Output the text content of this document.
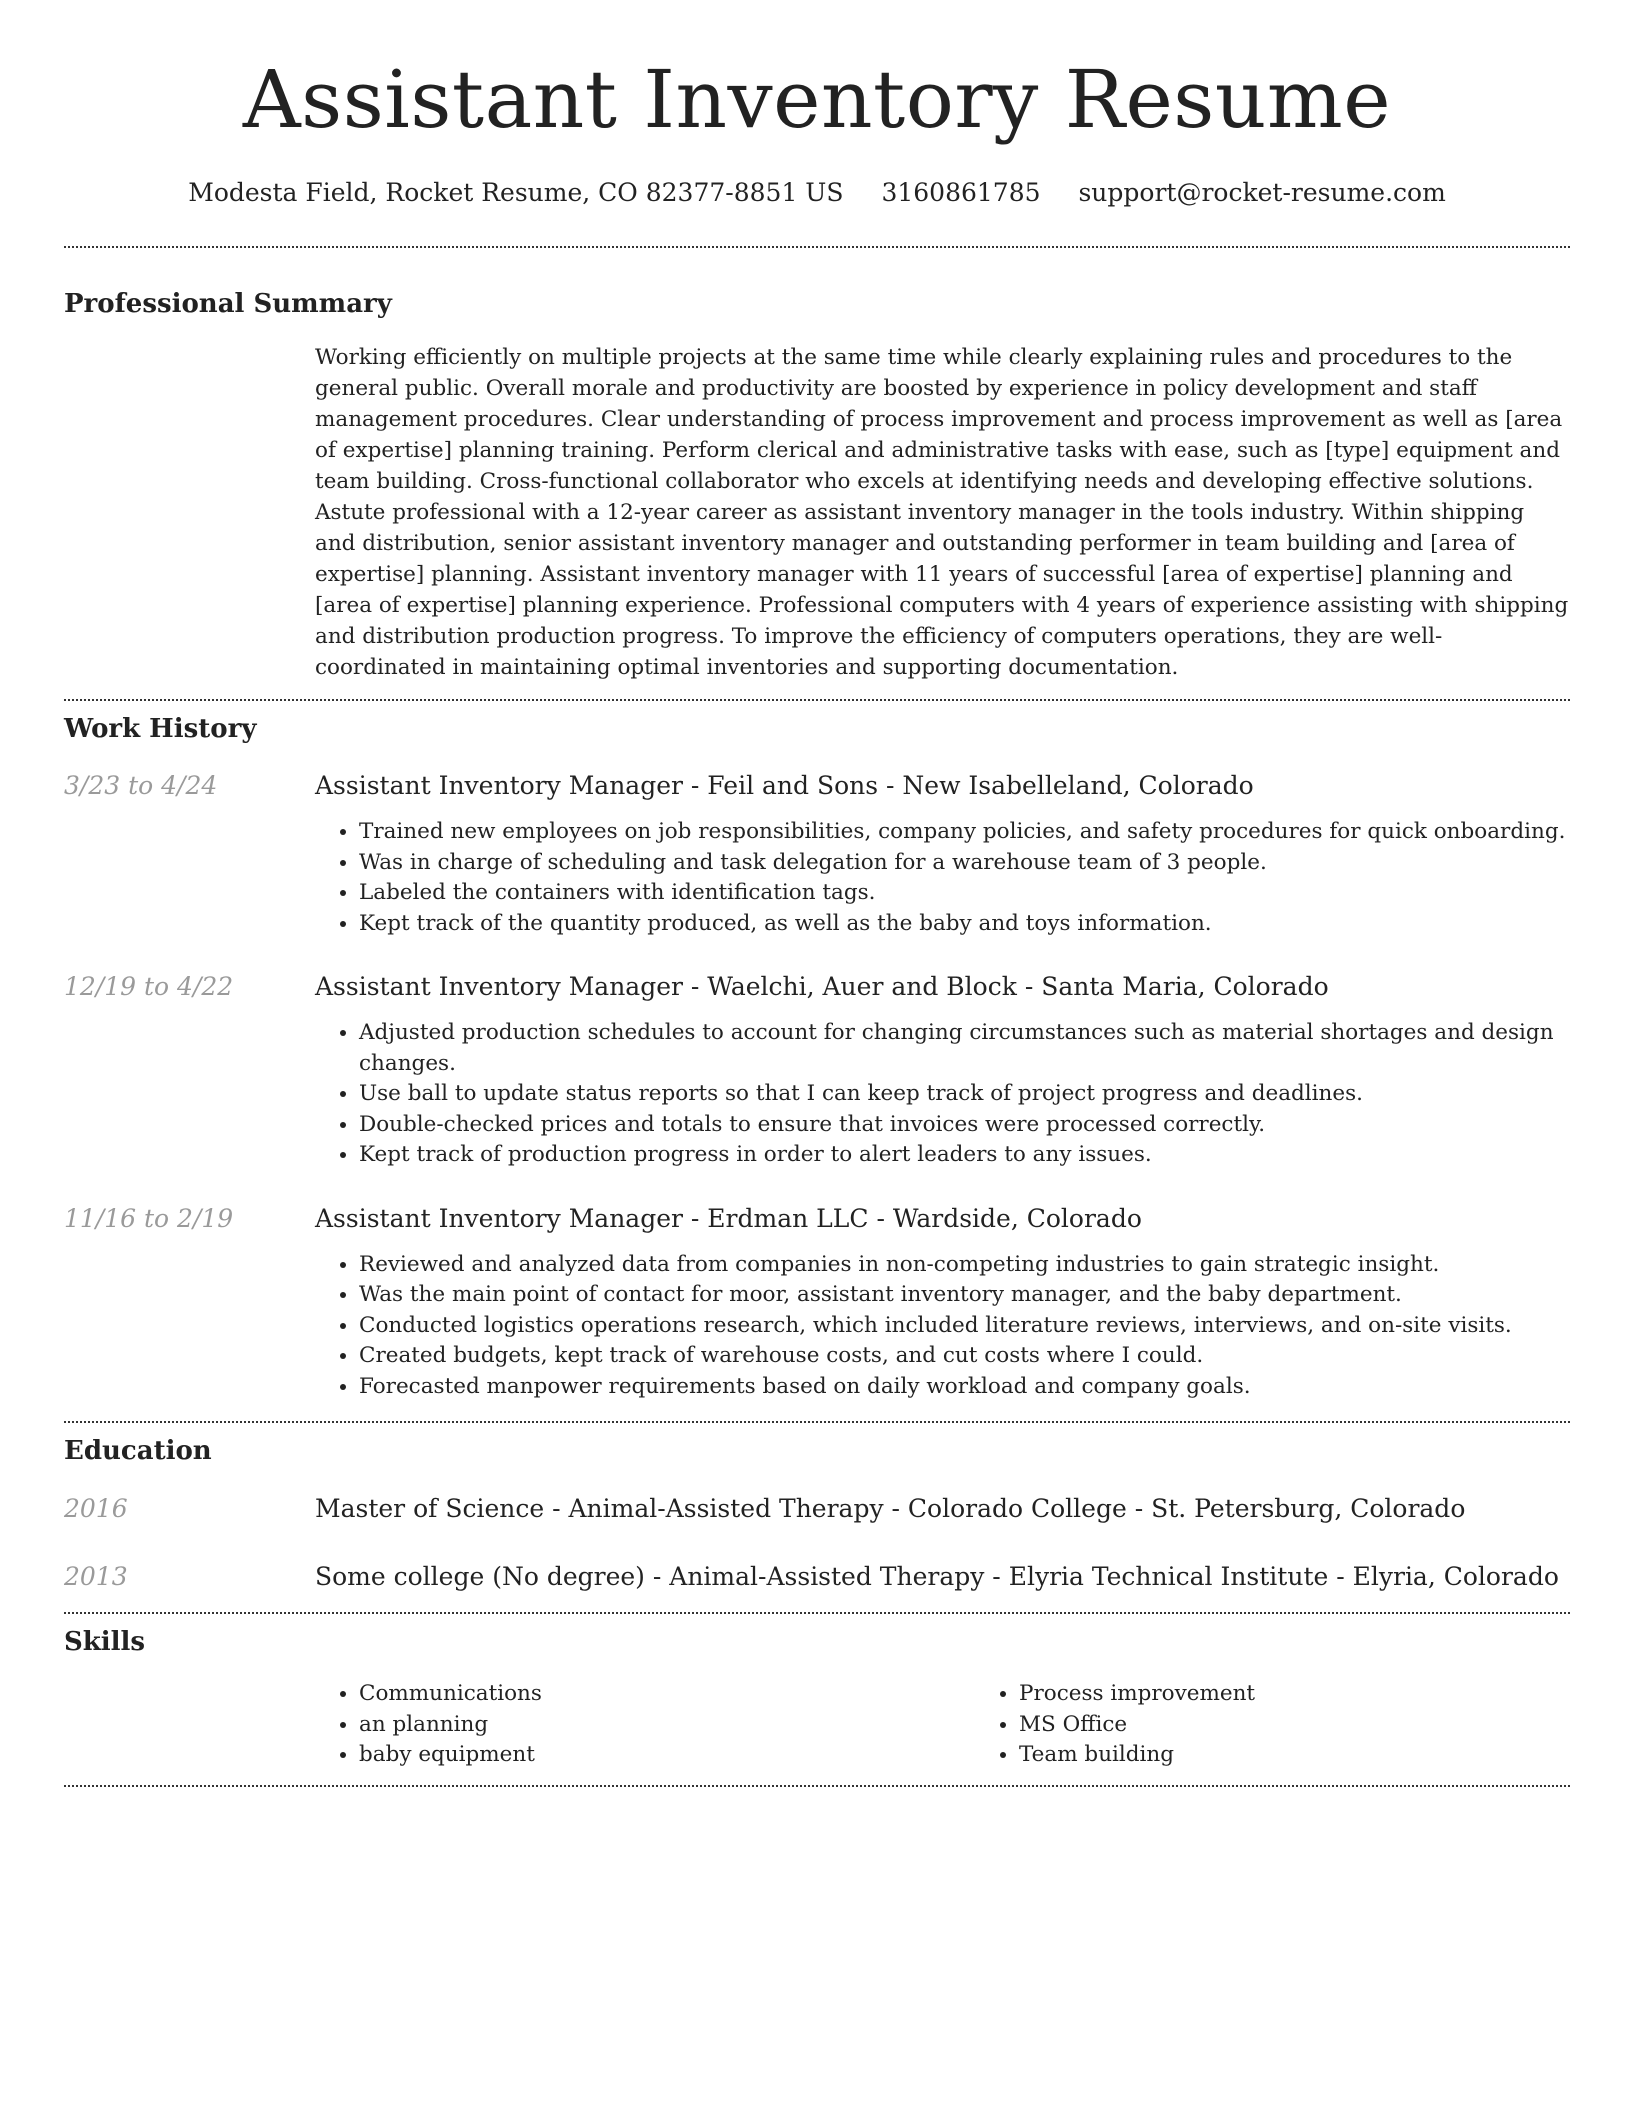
Assistant Inventory Resume
Modesta Field, Rocket Resume, CO 82377-8851 US 3160861785 support@rocket-resume.com
Professional Summary

Working efficiently on multiple projects at the same time while clearly explaining rules and procedures to the general public. Overall morale and productivity are boosted by experience in policy development and staff management procedures. Clear understanding of process improvement and process improvement as well as [area of expertise] planning training. Perform clerical and administrative tasks with ease, such as [type] equipment and team building. Cross-functional collaborator who excels at identifying needs and developing effective solutions. Astute professional with a 12-year career as assistant inventory manager in the tools industry. Within shipping and distribution, senior assistant inventory manager and outstanding performer in team building and [area of expertise] planning. Assistant inventory manager with 11 years of successful [area of expertise] planning and [area of expertise] planning experience. Professional computers with 4 years of experience assisting with shipping and distribution production progress. To improve the efficiency of computers operations, they are well-coordinated in maintaining optimal inventories and supporting documentation.

Work History
3/23 to 4/24	Assistant Inventory Manager - Feil and Sons - New Isabelleland, Colorado
• Trained new employees on job responsibilities, company policies, and safety procedures for quick onboarding.
• Was in charge of scheduling and task delegation for a warehouse team of 3 people.
• Labeled the containers with identification tags.
• Kept track of the quantity produced, as well as the baby and toys information.
12/19 to 4/22	Assistant Inventory Manager - Waelchi, Auer and Block - Santa Maria, Colorado
• Adjusted production schedules to account for changing circumstances such as material shortages and design changes.
• Use ball to update status reports so that I can keep track of project progress and deadlines.
• Double-checked prices and totals to ensure that invoices were processed correctly.
• Kept track of production progress in order to alert leaders to any issues.
11/16 to 2/19	Assistant Inventory Manager - Erdman LLC - Wardside, Colorado
• Reviewed and analyzed data from companies in non-competing industries to gain strategic insight.
• Was the main point of contact for moor, assistant inventory manager, and the baby department.
• Conducted logistics operations research, which included literature reviews, interviews, and on-site visits.
• Created budgets, kept track of warehouse costs, and cut costs where I could.
• Forecasted manpower requirements based on daily workload and company goals.
Education
2016	Master of Science - Animal-Assisted Therapy - Colorado College - St. Petersburg, Colorado
2013	Some college (No degree) - Animal-Assisted Therapy - Elyria Technical Institute - Elyria, Colorado
Skills
• Communications
• an planning
• baby equipment
• Process improvement
• MS Office
• Team building
